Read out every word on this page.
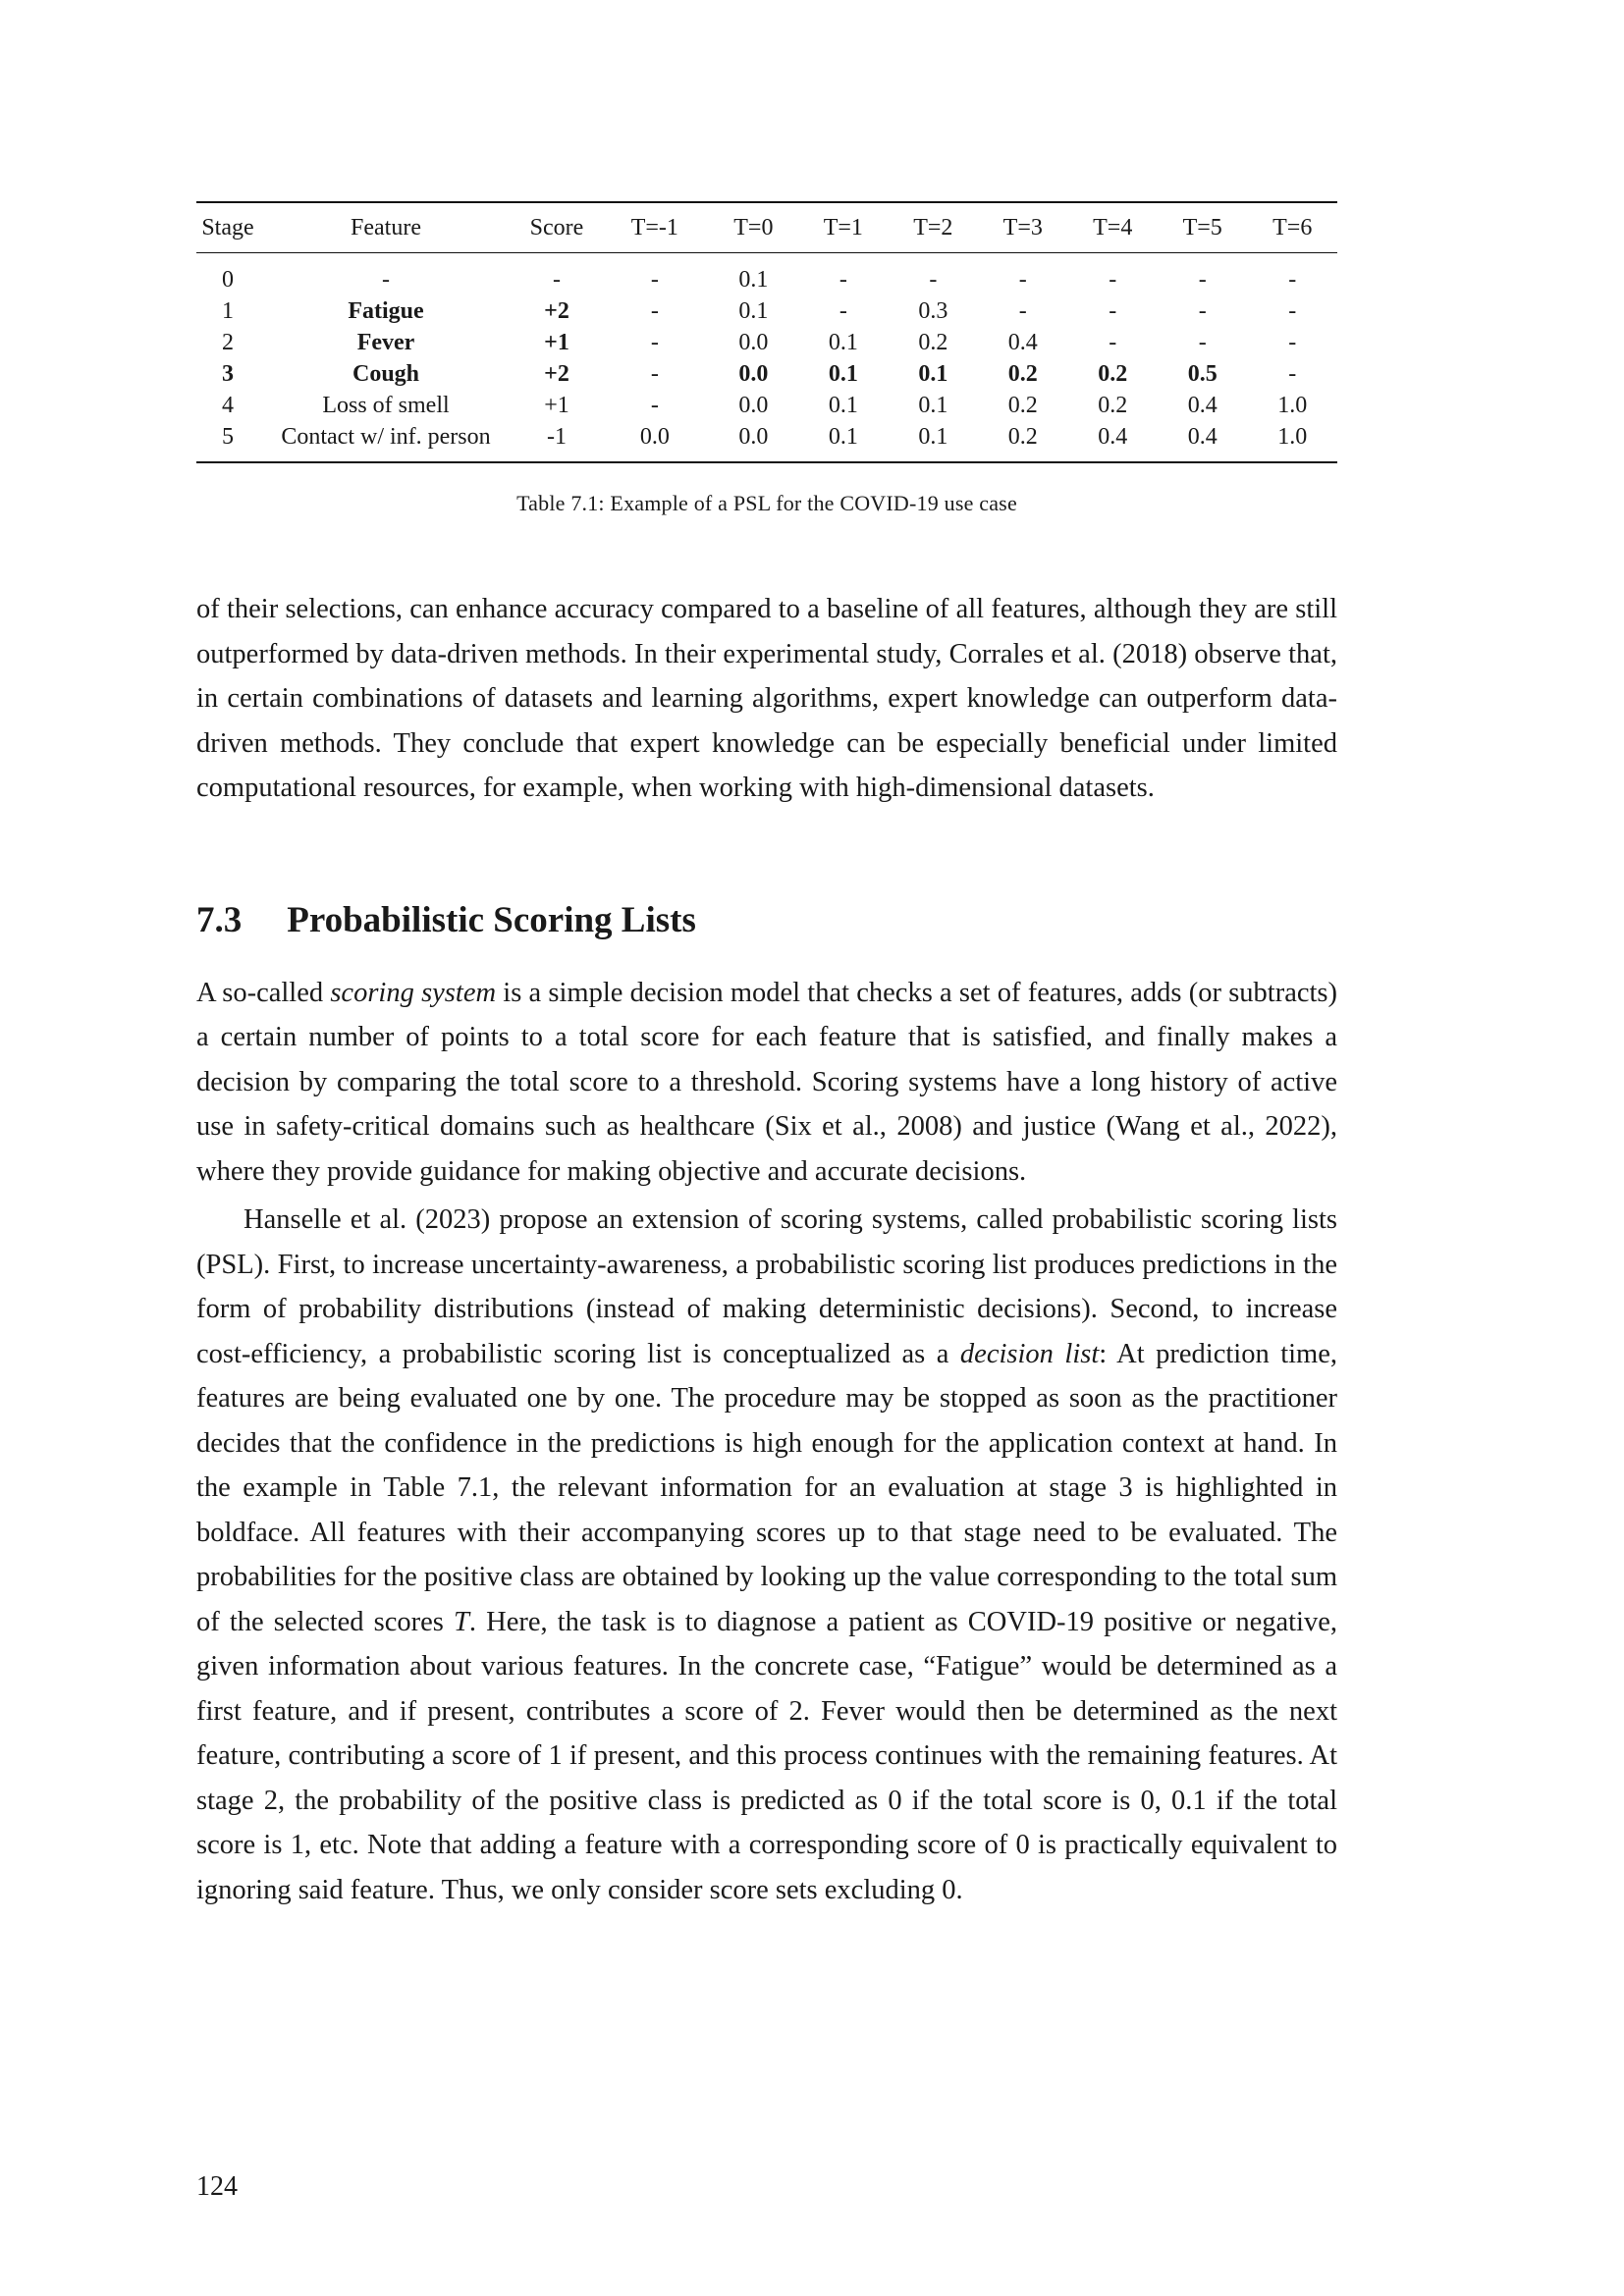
Stage	Feature	Score	T=-1	T=0	T=1	T=2	T=3	T=4	T=5	T=6
0	-	-	-	0.1	-	-	-	-	-	-
1	Fatigue	+2	-	0.1	-	0.3	-	-	-	-
2	Fever	+1	-	0.0	0.1	0.2	0.4	-	-	-
3	Cough	+2	-	0.0	0.1	0.1	0.2	0.2	0.5	-
4	Loss of smell	+1	-	0.0	0.1	0.1	0.2	0.2	0.4	1.0
5	Contact w/ inf. person	-1	0.0	0.0	0.1	0.1	0.2	0.4	0.4	1.0
Table 7.1: Example of a PSL for the COVID-19 use case

of their selections, can enhance accuracy compared to a baseline of all features, although they are still outperformed by data-driven methods. In their experimental study, Corrales et al. (2018) observe that, in certain combinations of datasets and learning algorithms, expert knowledge can outperform data-driven methods. They conclude that expert knowledge can be especially beneficial under limited computational resources, for example, when working with high-dimensional datasets.

7.3 Probabilistic Scoring Lists

A so-called scoring system is a simple decision model that checks a set of features, adds (or subtracts) a certain number of points to a total score for each feature that is satisfied, and finally makes a decision by comparing the total score to a threshold. Scoring systems have a long history of active use in safety-critical domains such as healthcare (Six et al., 2008) and justice (Wang et al., 2022), where they provide guidance for making objective and accurate decisions.

Hanselle et al. (2023) propose an extension of scoring systems, called probabilistic scoring lists (PSL). First, to increase uncertainty-awareness, a probabilistic scoring list produces predictions in the form of probability distributions (instead of making deterministic decisions). Second, to increase cost-efficiency, a probabilistic scoring list is conceptualized as a decision list: At prediction time, features are being evaluated one by one. The procedure may be stopped as soon as the practitioner decides that the confidence in the predictions is high enough for the application context at hand. In the example in Table 7.1, the relevant information for an evaluation at stage 3 is highlighted in boldface. All features with their accompanying scores up to that stage need to be evaluated. The probabilities for the positive class are obtained by looking up the value corresponding to the total sum of the selected scores T. Here, the task is to diagnose a patient as COVID-19 positive or negative, given information about various features. In the concrete case, “Fatigue” would be determined as a first feature, and if present, contributes a score of 2. Fever would then be determined as the next feature, contributing a score of 1 if present, and this process continues with the remaining features. At stage 2, the probability of the positive class is predicted as 0 if the total score is 0, 0.1 if the total score is 1, etc. Note that adding a feature with a corresponding score of 0 is practically equivalent to ignoring said feature. Thus, we only consider score sets excluding 0.

124
